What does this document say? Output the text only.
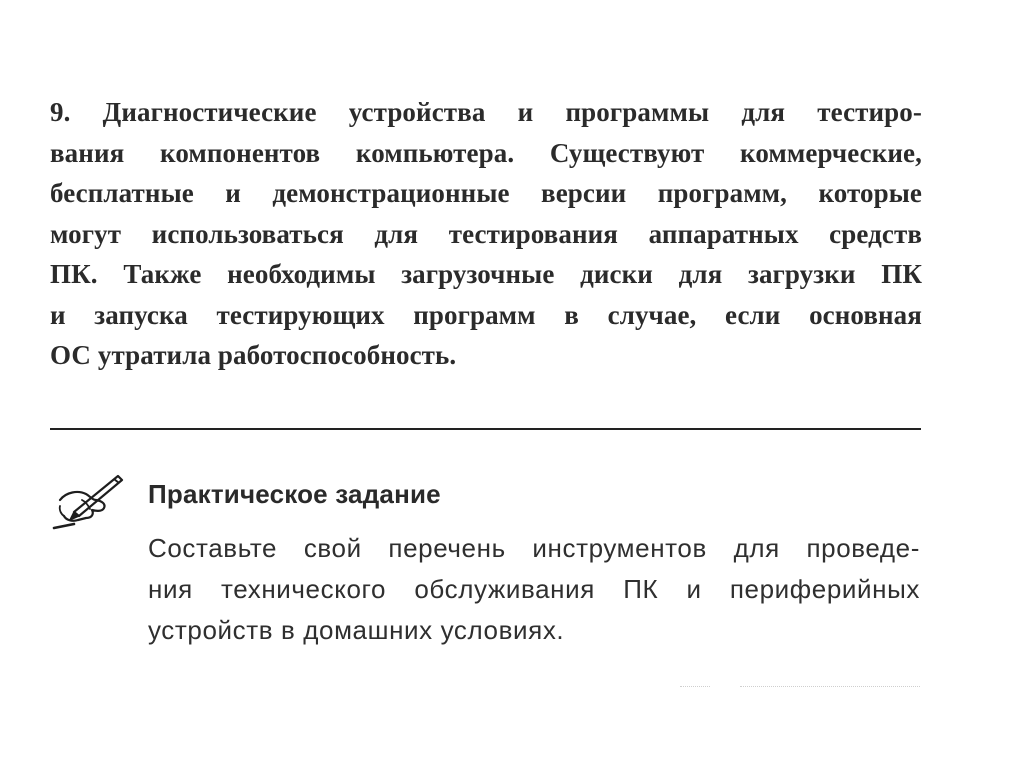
9. Диагностические устройства и программы для тестиро-
вания компонентов компьютера. Существуют коммерческие,
бесплатные и демонстрационные версии программ, которые
могут использоваться для тестирования аппаратных средств
ПК. Также необходимы загрузочные диски для загрузки ПК
и запуска тестирующих программ в случае, если основная
ОС утратила работоспособность.
Практическое задание
Составьте свой перечень инструментов для проведе-
ния технического обслуживания ПК и периферийных
устройств в домашних условиях.
